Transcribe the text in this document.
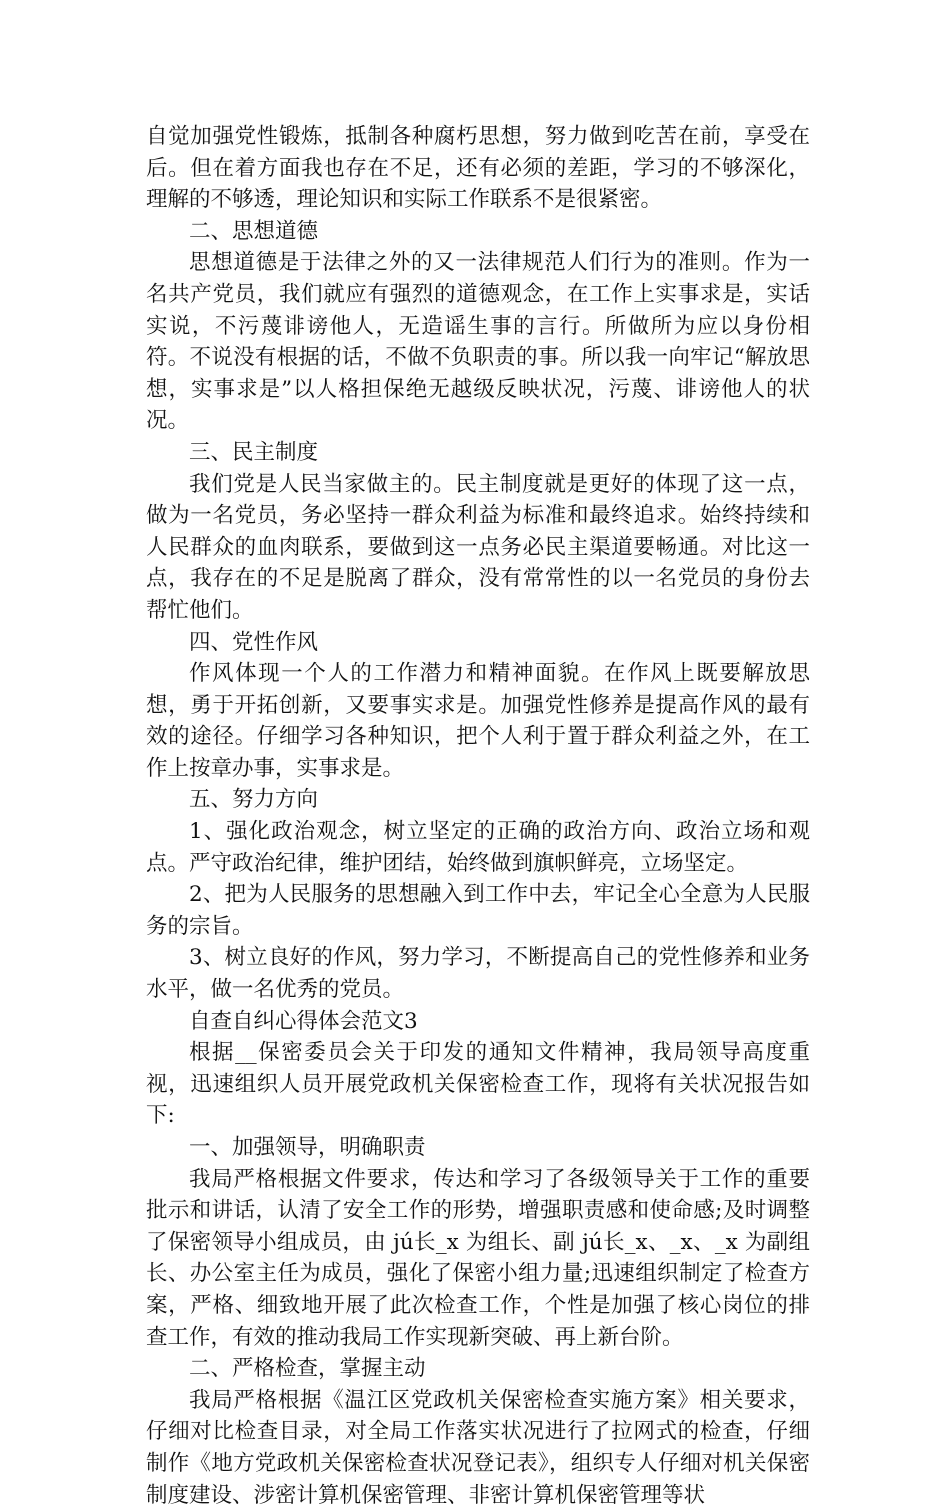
自觉加强党性锻炼，抵制各种腐朽思想，努力做到吃苦在前，享受在后。但在着方面我也存在不足，还有必须的差距，学习的不够深化，理解的不够透，理论知识和实际工作联系不是很紧密。

二、思想道德

思想道德是于法律之外的又一法律规范人们行为的准则。作为一名共产党员，我们就应有强烈的道德观念，在工作上实事求是，实话实说，不污蔑诽谤他人，无造谣生事的言行。所做所为应以身份相符。不说没有根据的话，不做不负职责的事。所以我一向牢记“解放思想，实事求是”以人格担保绝无越级反映状况，污蔑、诽谤他人的状况。

三、民主制度

我们党是人民当家做主的。民主制度就是更好的体现了这一点，做为一名党员，务必坚持一群众利益为标准和最终追求。始终持续和人民群众的血肉联系，要做到这一点务必民主渠道要畅通。对比这一点，我存在的不足是脱离了群众，没有常常性的以一名党员的身份去帮忙他们。

四、党性作风

作风体现一个人的工作潜力和精神面貌。在作风上既要解放思想，勇于开拓创新，又要事实求是。加强党性修养是提高作风的最有效的途径。仔细学习各种知识，把个人利于置于群众利益之外，在工作上按章办事，实事求是。

五、努力方向

1、强化政治观念，树立坚定的正确的政治方向、政治立场和观点。严守政治纪律，维护团结，始终做到旗帜鲜亮，立场坚定。

2、把为人民服务的思想融入到工作中去，牢记全心全意为人民服务的宗旨。

3、树立良好的作风，努力学习，不断提高自己的党性修养和业务水平，做一名优秀的党员。

自查自纠心得体会范文3

根据__保密委员会关于印发的通知文件精神，我局领导高度重视，迅速组织人员开展党政机关保密检查工作，现将有关状况报告如下:

一、加强领导，明确职责

我局严格根据文件要求，传达和学习了各级领导关于工作的重要批示和讲话，认清了安全工作的形势，增强职责感和使命感;及时调整了保密领导小组成员，由 jú长_x 为组长、副 jú长_x、_x、_x 为副组长、办公室主任为成员，强化了保密小组力量;迅速组织制定了检查方案，严格、细致地开展了此次检查工作，个性是加强了核心岗位的排查工作，有效的推动我局工作实现新突破、再上新台阶。

二、严格检查，掌握主动

我局严格根据《温江区党政机关保密检查实施方案》相关要求，仔细对比检查目录，对全局工作落实状况进行了拉网式的检查，仔细制作《地方党政机关保密检查状况登记表》，组织专人仔细对机关保密制度建设、涉密计算机保密管理、非密计算机保密管理等状
